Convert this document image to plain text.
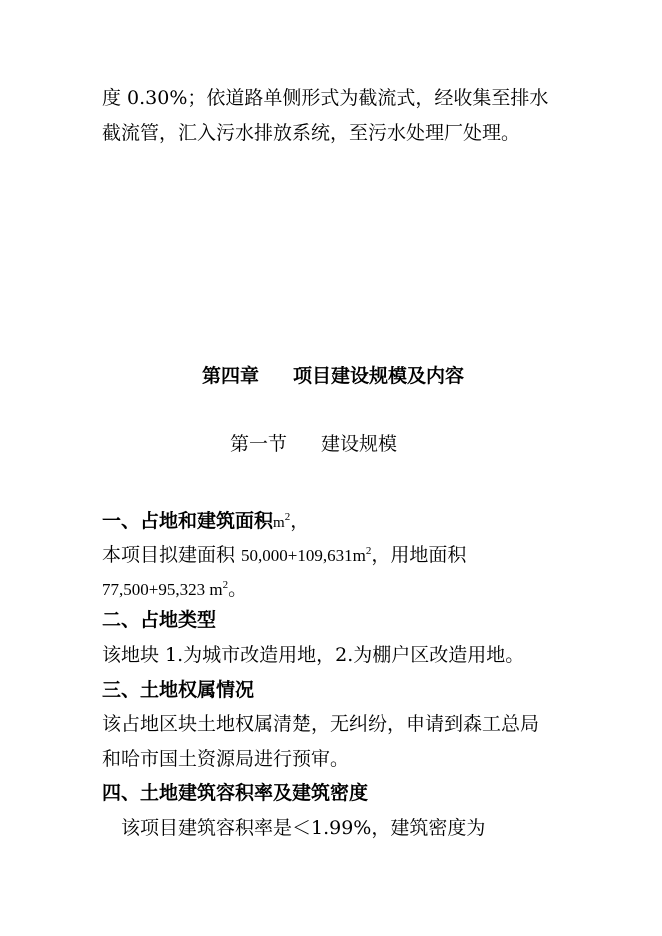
度 0.30%；依道路单侧形式为截流式，经收集至排水
截流管，汇入污水排放系统，至污水处理厂处理。
第四章 项目建设规模及内容
第一节 建设规模
一、占地和建筑面积$m^2$，
本项目拟建面积 $50,000+109,631m^2$，用地面积
77,500+95,323 $m^2$。
二、占地类型
该地块 1.为城市改造用地，2.为棚户区改造用地。
三、土地权属情况
该占地区块土地权属清楚，无纠纷，申请到森工总局
和哈市国土资源局进行预审。
四、土地建筑容积率及建筑密度
该项目建筑容积率是＜1.99%，建筑密度为
